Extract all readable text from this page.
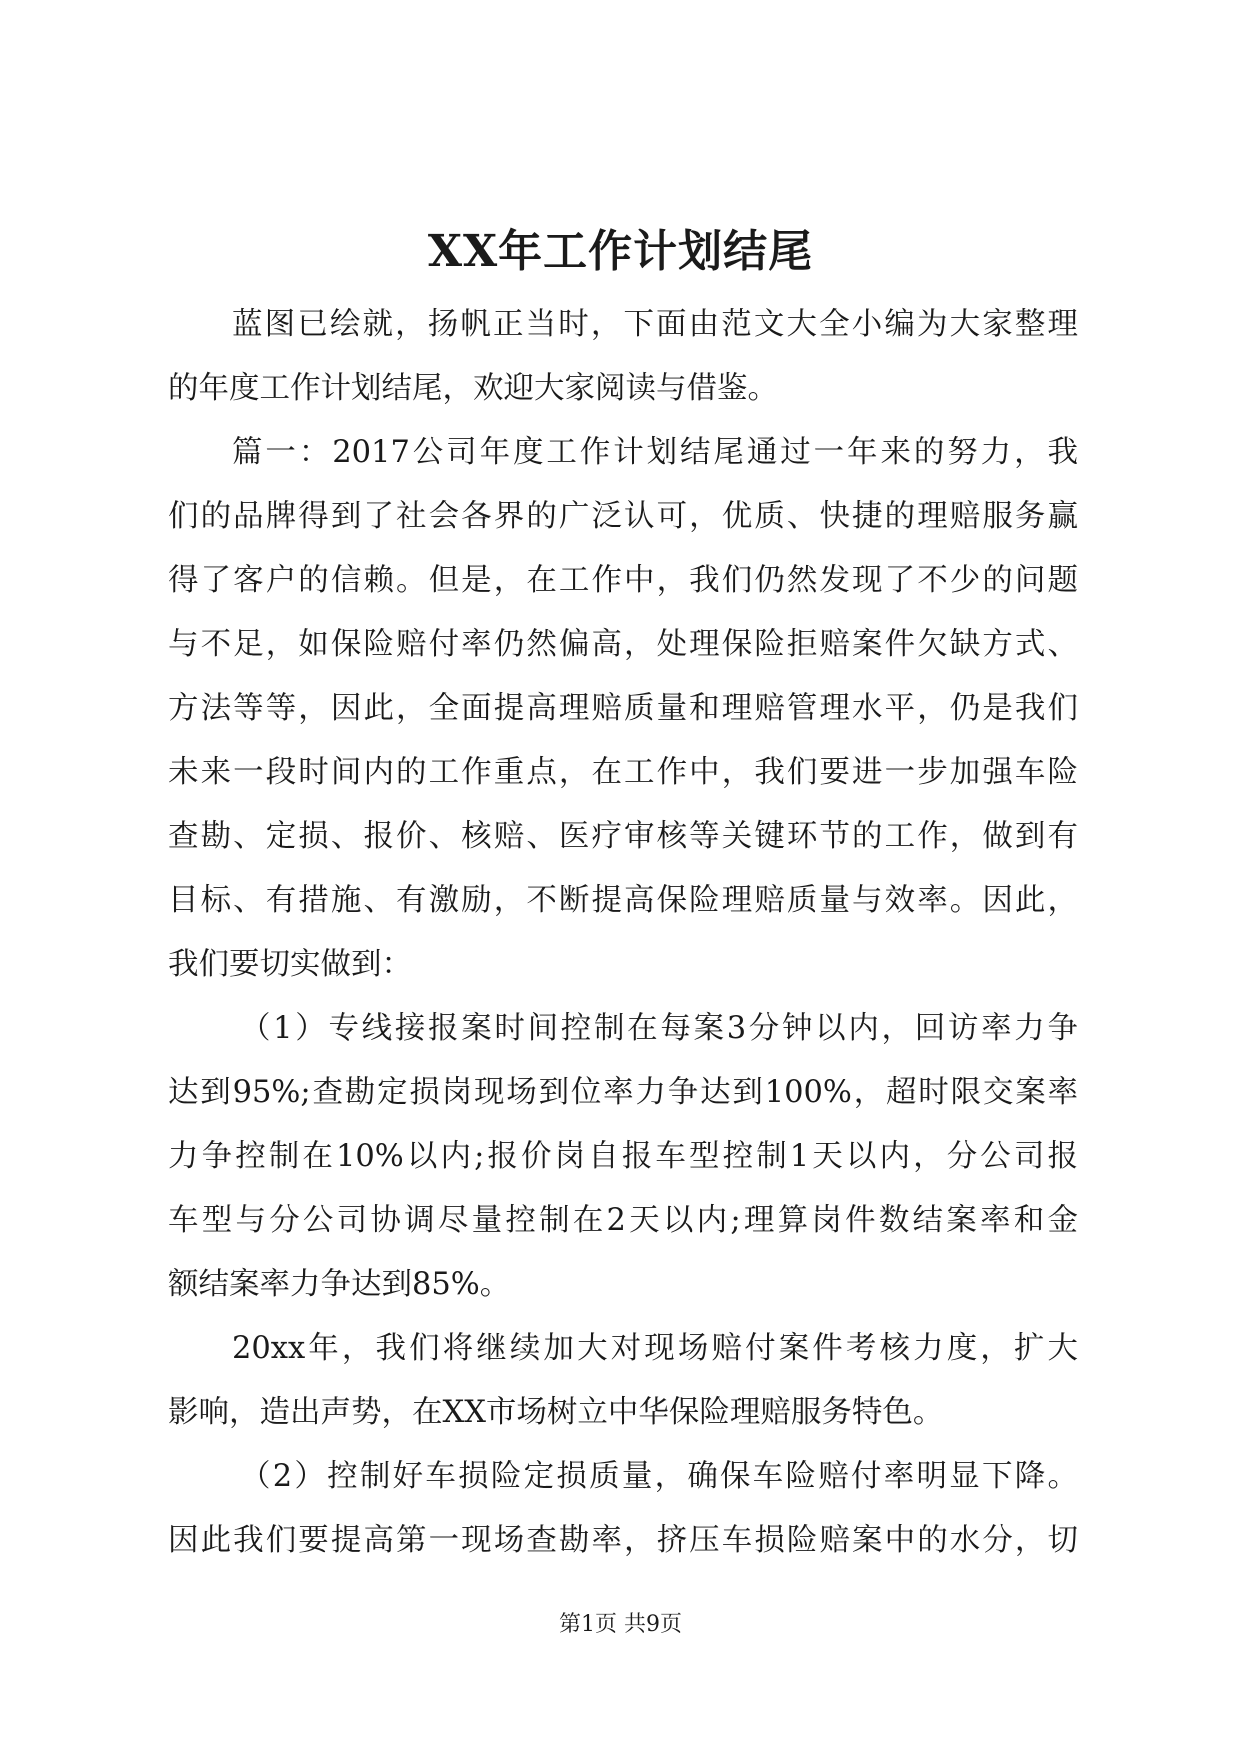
XX年工作计划结尾
蓝图已绘就，扬帆正当时，下面由范文大全小编为大家整理
的年度工作计划结尾，欢迎大家阅读与借鉴。
篇一：2017公司年度工作计划结尾通过一年来的努力，我
们的品牌得到了社会各界的广泛认可，优质、快捷的理赔服务赢
得了客户的信赖。但是，在工作中，我们仍然发现了不少的问题
与不足，如保险赔付率仍然偏高，处理保险拒赔案件欠缺方式、
方法等等，因此，全面提高理赔质量和理赔管理水平，仍是我们
未来一段时间内的工作重点，在工作中，我们要进一步加强车险
查勘、定损、报价、核赔、医疗审核等关键环节的工作，做到有
目标、有措施、有激励，不断提高保险理赔质量与效率。因此，
我们要切实做到：
（1）专线接报案时间控制在每案3分钟以内，回访率力争
达到95%;查勘定损岗现场到位率力争达到100%，超时限交案率
力争控制在10%以内;报价岗自报车型控制1天以内，分公司报
车型与分公司协调尽量控制在2天以内;理算岗件数结案率和金
额结案率力争达到85%。
20xx年，我们将继续加大对现场赔付案件考核力度，扩大
影响，造出声势，在XX市场树立中华保险理赔服务特色。
（2）控制好车损险定损质量，确保车险赔付率明显下降。
因此我们要提高第一现场查勘率，挤压车损险赔案中的水分，切
第1页 共9页
